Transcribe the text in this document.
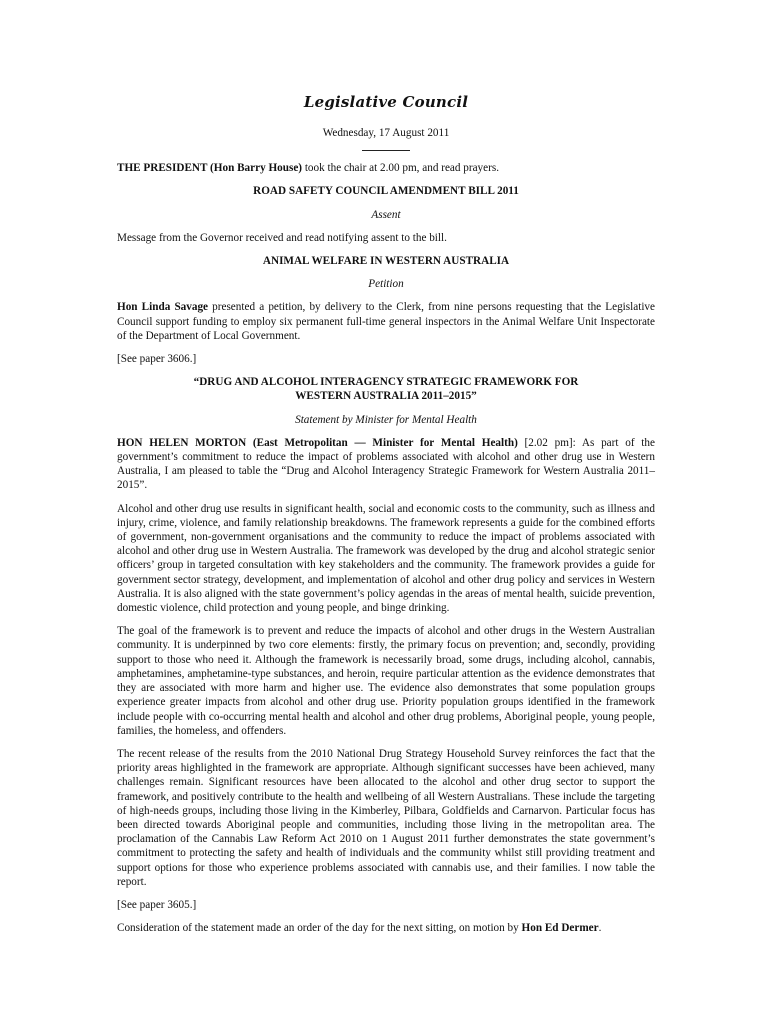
Legislative Council

Wednesday, 17 August 2011

THE PRESIDENT (Hon Barry House) took the chair at 2.00 pm, and read prayers.

ROAD SAFETY COUNCIL AMENDMENT BILL 2011
Assent

Message from the Governor received and read notifying assent to the bill.

ANIMAL WELFARE IN WESTERN AUSTRALIA
Petition

Hon Linda Savage presented a petition, by delivery to the Clerk, from nine persons requesting that the Legislative Council support funding to employ six permanent full-time general inspectors in the Animal Welfare Unit Inspectorate of the Department of Local Government.

[See paper 3606.]

“DRUG AND ALCOHOL INTERAGENCY STRATEGIC FRAMEWORK FOR WESTERN AUSTRALIA 2011–2015”
Statement by Minister for Mental Health

HON HELEN MORTON (East Metropolitan — Minister for Mental Health) [2.02 pm]: As part of the government’s commitment to reduce the impact of problems associated with alcohol and other drug use in Western Australia, I am pleased to table the “Drug and Alcohol Interagency Strategic Framework for Western Australia 2011–2015”.

Alcohol and other drug use results in significant health, social and economic costs to the community, such as illness and injury, crime, violence, and family relationship breakdowns. The framework represents a guide for the combined efforts of government, non-government organisations and the community to reduce the impact of problems associated with alcohol and other drug use in Western Australia. The framework was developed by the drug and alcohol strategic senior officers’ group in targeted consultation with key stakeholders and the community. The framework provides a guide for government sector strategy, development, and implementation of alcohol and other drug policy and services in Western Australia. It is also aligned with the state government’s policy agendas in the areas of mental health, suicide prevention, domestic violence, child protection and young people, and binge drinking.

The goal of the framework is to prevent and reduce the impacts of alcohol and other drugs in the Western Australian community. It is underpinned by two core elements: firstly, the primary focus on prevention; and, secondly, providing support to those who need it. Although the framework is necessarily broad, some drugs, including alcohol, cannabis, amphetamines, amphetamine-type substances, and heroin, require particular attention as the evidence demonstrates that they are associated with more harm and higher use. The evidence also demonstrates that some population groups experience greater impacts from alcohol and other drug use. Priority population groups identified in the framework include people with co-occurring mental health and alcohol and other drug problems, Aboriginal people, young people, families, the homeless, and offenders.

The recent release of the results from the 2010 National Drug Strategy Household Survey reinforces the fact that the priority areas highlighted in the framework are appropriate. Although significant successes have been achieved, many challenges remain. Significant resources have been allocated to the alcohol and other drug sector to support the framework, and positively contribute to the health and wellbeing of all Western Australians. These include the targeting of high-needs groups, including those living in the Kimberley, Pilbara, Goldfields and Carnarvon. Particular focus has been directed towards Aboriginal people and communities, including those living in the metropolitan area. The proclamation of the Cannabis Law Reform Act 2010 on 1 August 2011 further demonstrates the state government’s commitment to protecting the safety and health of individuals and the community whilst still providing treatment and support options for those who experience problems associated with cannabis use, and their families. I now table the report.

[See paper 3605.]

Consideration of the statement made an order of the day for the next sitting, on motion by Hon Ed Dermer.
